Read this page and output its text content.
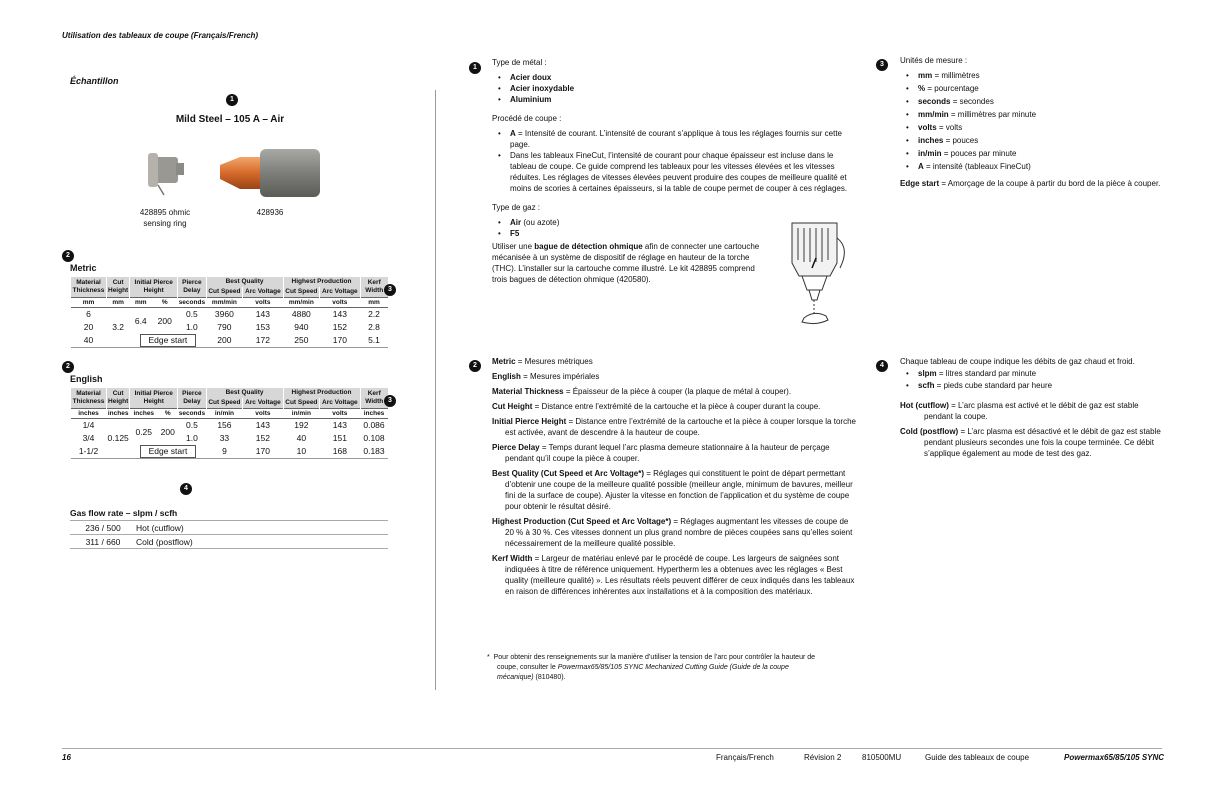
Utilisation des tableaux de coupe (Français/French)
Échantillon
1
Mild Steel – 105 A – Air
428895 ohmic sensing ring
428936
2
Metric
Material Thickness	Cut Height	Initial Pierce Height		Pierce Delay	Best Quality		Highest Production		Kerf Width
					Cut Speed	Arc Voltage	Cut Speed	Arc Voltage	
mm	mm	mm	%	seconds	mm/min	volts	mm/min	volts	mm
6	3.2	6.4	200	0.5	3960	143	4880	143	2.2
20				1.0	790	153	940	152	2.8
40		Edge start			200	172	250	170	5.1
3
2
English
Material Thickness	Cut Height	Initial Pierce Height		Pierce Delay	Best Quality		Highest Production		Kerf Width
					Cut Speed	Arc Voltage	Cut Speed	Arc Voltage	
inches	inches	inches	%	seconds	in/min	volts	in/min	volts	inches
1/4	0.125	0.25	200	0.5	156	143	192	143	0.086
3/4				1.0	33	152	40	151	0.108
1-1/2		Edge start			9	170	10	168	0.183
3
4
Gas flow rate – slpm / scfh
236 / 500	Hot (cutflow)
311 / 660	Cold (postflow)
1

Type de métal :

• Acier doux
• Acier inoxydable
• Aluminium

Procédé de coupe :

• A = Intensité de courant. L’intensité de courant s’applique à tous les réglages fournis sur cette page.
• Dans les tableaux FineCut, l’intensité de courant pour chaque épaisseur est incluse dans le tableau de coupe. Ce guide comprend les tableaux pour les vitesses élevées et les vitesses réduites. Les réglages de vitesses élevées peuvent produire des coupes de meilleure qualité et moins de scories à certaines épaisseurs, si la table de coupe permet de couper à ces réglages.

Type de gaz :

• Air (ou azote)
• F5

Utiliser une bague de détection ohmique afin de connecter une cartouche mécanisée à un système de dispositif de réglage en hauteur de la torche (THC). L’installer sur la cartouche comme illustré. Le kit 428895 comprend trois bagues de détection ohmique (420580).

3	Unités de mesure :

• mm = millimètres
• % = pourcentage
• seconds = secondes
• mm/min = millimètres par minute
• volts = volts
• inches = pouces
• in/min = pouces par minute
• A = intensité (tableaux FineCut)

Edge start = Amorçage de la coupe à partir du bord de la pièce à couper.

2	Metric = Mesures métriques

English = Mesures impériales

Material Thickness = Épaisseur de la pièce à couper (la plaque de métal à couper).

Cut Height = Distance entre l’extrémité de la cartouche et la pièce à couper durant la coupe.

Initial Pierce Height = Distance entre l’extrémité de la cartouche et la pièce à couper lorsque la torche est activée, avant de descendre à la hauteur de coupe.

Pierce Delay = Temps durant lequel l’arc plasma demeure stationnaire à la hauteur de perçage pendant qu’il coupe la pièce à couper.

Best Quality (Cut Speed et Arc Voltage*) = Réglages qui constituent le point de départ permettant d’obtenir une coupe de la meilleure qualité possible (meilleur angle, minimum de bavures, meilleur fini de la surface de coupe). Ajuster la vitesse en fonction de l’application et du système de coupe pour obtenir le résultat désiré.

Highest Production (Cut Speed et Arc Voltage*) = Réglages augmentant les vitesses de coupe de 20 % à 30 %. Ces vitesses donnent un plus grand nombre de pièces coupées sans qu’elles soient nécessairement de la meilleure qualité possible.

Kerf Width = Largeur de matériau enlevé par le procédé de coupe. Les largeurs de saignées sont indiquées à titre de référence uniquement. Hypertherm les a obtenues avec les réglages « Best quality (meilleure qualité) ». Les résultats réels peuvent différer de ceux indiqués dans les tableaux en raison de différences inhérentes aux installations et à la composition des matériaux.

*  Pour obtenir des renseignements sur la manière d’utiliser la tension de l’arc pour contrôler la hauteur de coupe, consulter le Powermax65/85/105 SYNC Mechanized Cutting Guide (Guide de la coupe mécanique) (810480).
4	Chaque tableau de coupe indique les débits de gaz chaud et froid.

• slpm = litres standard par minute
• scfh = pieds cube standard par heure

Hot (cutflow) = L’arc plasma est activé et le débit de gaz est stable pendant la coupe.

Cold (postflow) = L’arc plasma est désactivé et le débit de gaz est stable pendant plusieurs secondes une fois la coupe terminée. Ce débit s’applique également au mode de test des gaz.

16	Français/French	Révision 2	810500MU	Guide des tableaux de coupe	Powermax65/85/105 SYNC
